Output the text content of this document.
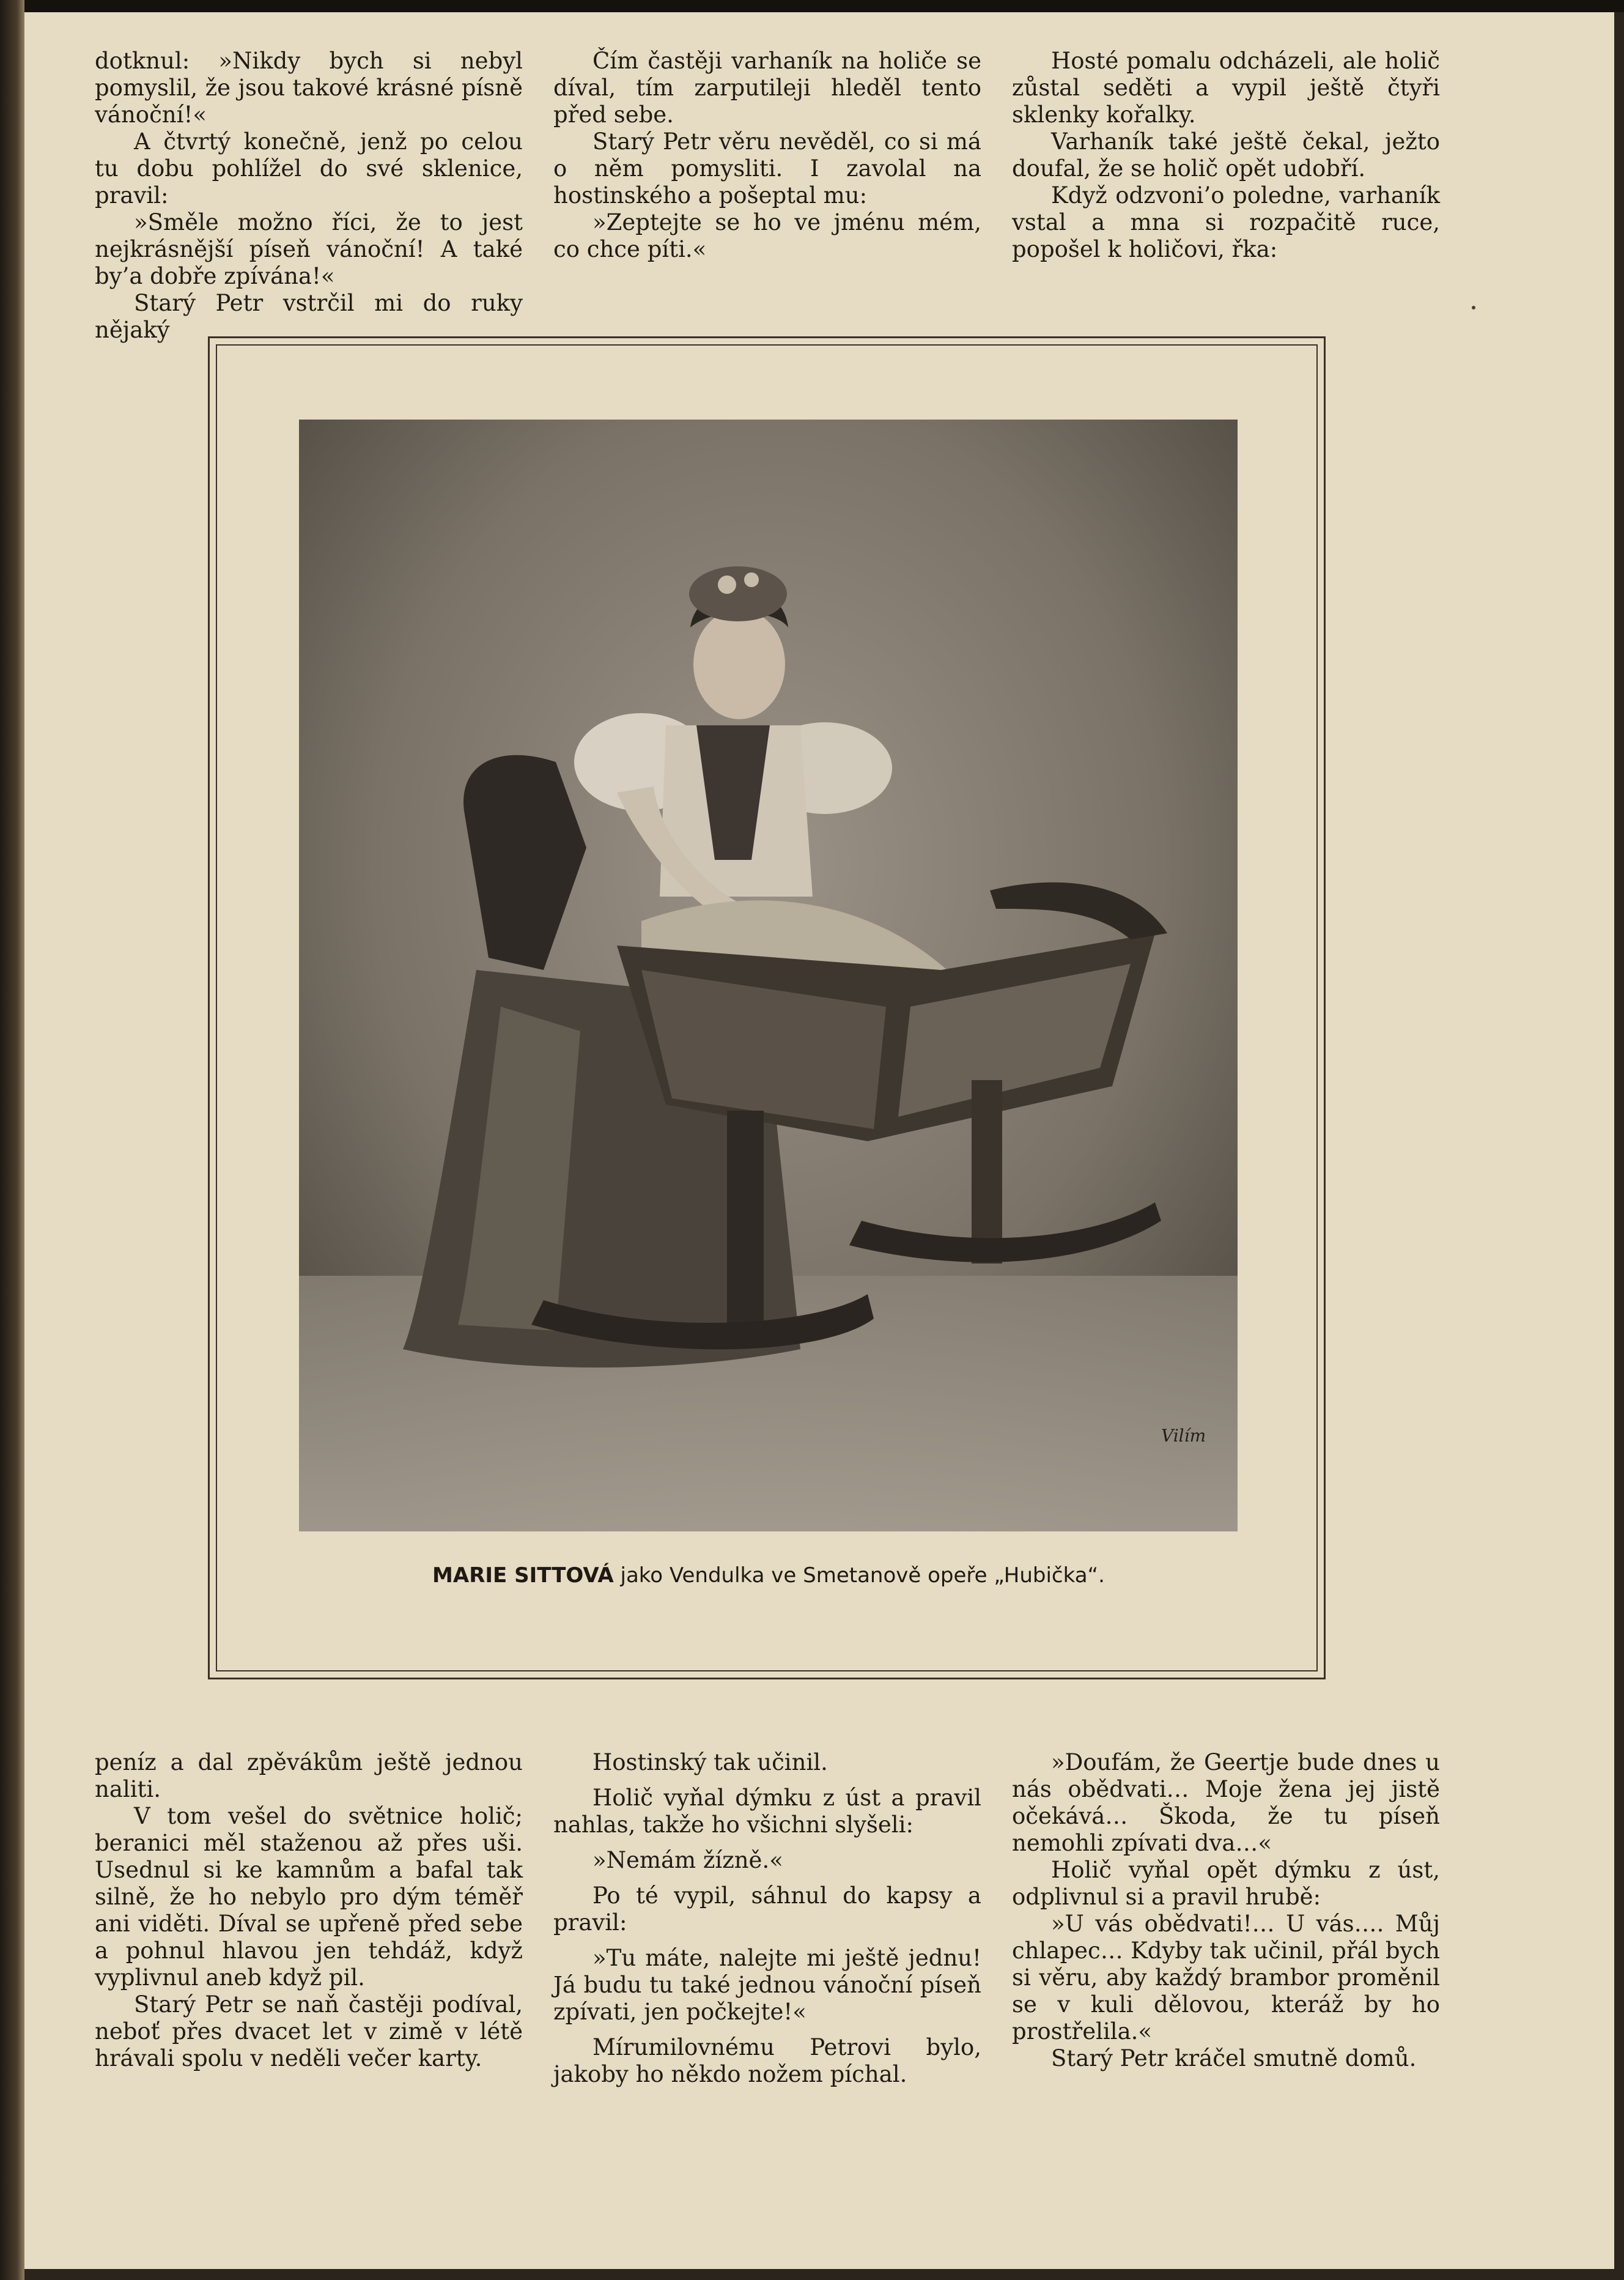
dotknul: »Nikdy bych si nebyl pomyslil, že jsou takové krásné písně vánoční!«

A čtvrtý konečně, jenž po celou tu dobu pohlížel do své sklenice, pravil:

»Směle možno říci, že to jest nejkrásnější píseň vánoční! A také by’a dobře zpívána!«

Starý Petr vstrčil mi do ruky nějaký

Čím častěji varhaník na holiče se díval, tím zarputileji hleděl tento před sebe.

Starý Petr věru nevěděl, co si má o něm pomysliti. I zavolal na hostinského a pošeptal mu:

»Zeptejte se ho ve jménu mém, co chce píti.«

Hosté pomalu odcházeli, ale holič zůstal seděti a vypil ještě čtyři sklenky kořalky.

Varhaník také ještě čekal, ježto doufal, že se holič opět udobří.

Když odzvoni’o poledne, varhaník vstal a mna si rozpačitě ruce, popošel k holičovi, řka:

Vilím
MARIE SITTOVÁ jako Vendulka ve Smetanově opeře „Hubička“.

peníz a dal zpěvákům ještě jednou naliti.

V tom vešel do světnice holič; beranici měl staženou až přes uši. Usednul si ke kamnům a bafal tak silně, že ho nebylo pro dým téměř ani viděti. Díval se upřeně před sebe a pohnul hlavou jen tehdáž, když vyplivnul aneb když pil.

Starý Petr se naň častěji podíval, neboť přes dvacet let v zimě v létě hrávali spolu v neděli večer karty.

Hostinský tak učinil.

Holič vyňal dýmku z úst a pravil nahlas, takže ho všichni slyšeli:

»Nemám žízně.«

Po té vypil, sáhnul do kapsy a pravil:

»Tu máte, nalejte mi ještě jednu! Já budu tu také jednou vánoční píseň zpívati, jen počkejte!«

Mírumilovnému Petrovi bylo, jakoby ho někdo nožem píchal.

»Doufám, že Geertje bude dnes u nás obědvati… Moje žena jej jistě očekává… Škoda, že tu píseň nemohli zpívati dva…«

Holič vyňal opět dýmku z úst, odplivnul si a pravil hrubě:

»U vás obědvati!… U vás…. Můj chlapec… Kdyby tak učinil, přál bych si věru, aby každý brambor proměnil se v kuli dělovou, kteráž by ho prostřelila.«

Starý Petr kráčel smutně domů.
